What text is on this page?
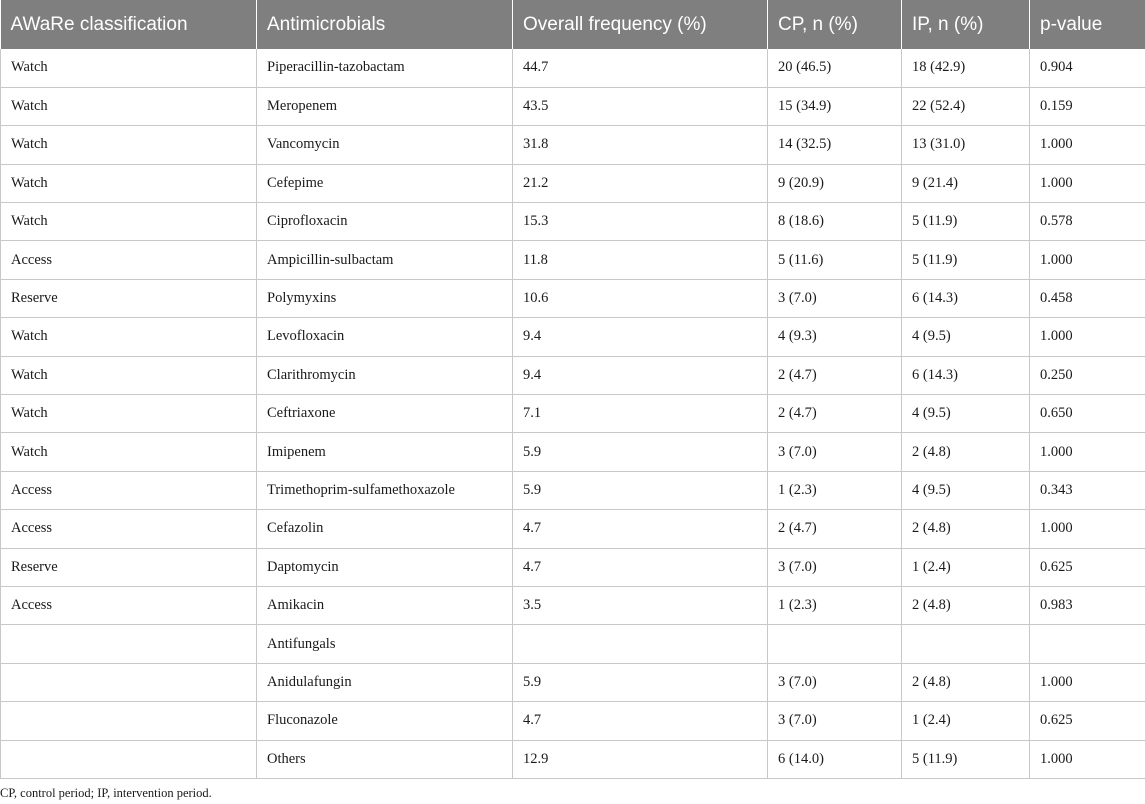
AWaRe classification	Antimicrobials	Overall frequency (%)	CP, n (%)	IP, n (%)	p-value
Watch	Piperacillin-tazobactam	44.7	20 (46.5)	18 (42.9)	0.904
Watch	Meropenem	43.5	15 (34.9)	22 (52.4)	0.159
Watch	Vancomycin	31.8	14 (32.5)	13 (31.0)	1.000
Watch	Cefepime	21.2	9 (20.9)	9 (21.4)	1.000
Watch	Ciprofloxacin	15.3	8 (18.6)	5 (11.9)	0.578
Access	Ampicillin-sulbactam	11.8	5 (11.6)	5 (11.9)	1.000
Reserve	Polymyxins	10.6	3 (7.0)	6 (14.3)	0.458
Watch	Levofloxacin	9.4	4 (9.3)	4 (9.5)	1.000
Watch	Clarithromycin	9.4	2 (4.7)	6 (14.3)	0.250
Watch	Ceftriaxone	7.1	2 (4.7)	4 (9.5)	0.650
Watch	Imipenem	5.9	3 (7.0)	2 (4.8)	1.000
Access	Trimethoprim-sulfamethoxazole	5.9	1 (2.3)	4 (9.5)	0.343
Access	Cefazolin	4.7	2 (4.7)	2 (4.8)	1.000
Reserve	Daptomycin	4.7	3 (7.0)	1 (2.4)	0.625
Access	Amikacin	3.5	1 (2.3)	2 (4.8)	0.983
	Antifungals				
	Anidulafungin	5.9	3 (7.0)	2 (4.8)	1.000
	Fluconazole	4.7	3 (7.0)	1 (2.4)	0.625
	Others	12.9	6 (14.0)	5 (11.9)	1.000
CP, control period; IP, intervention period.
